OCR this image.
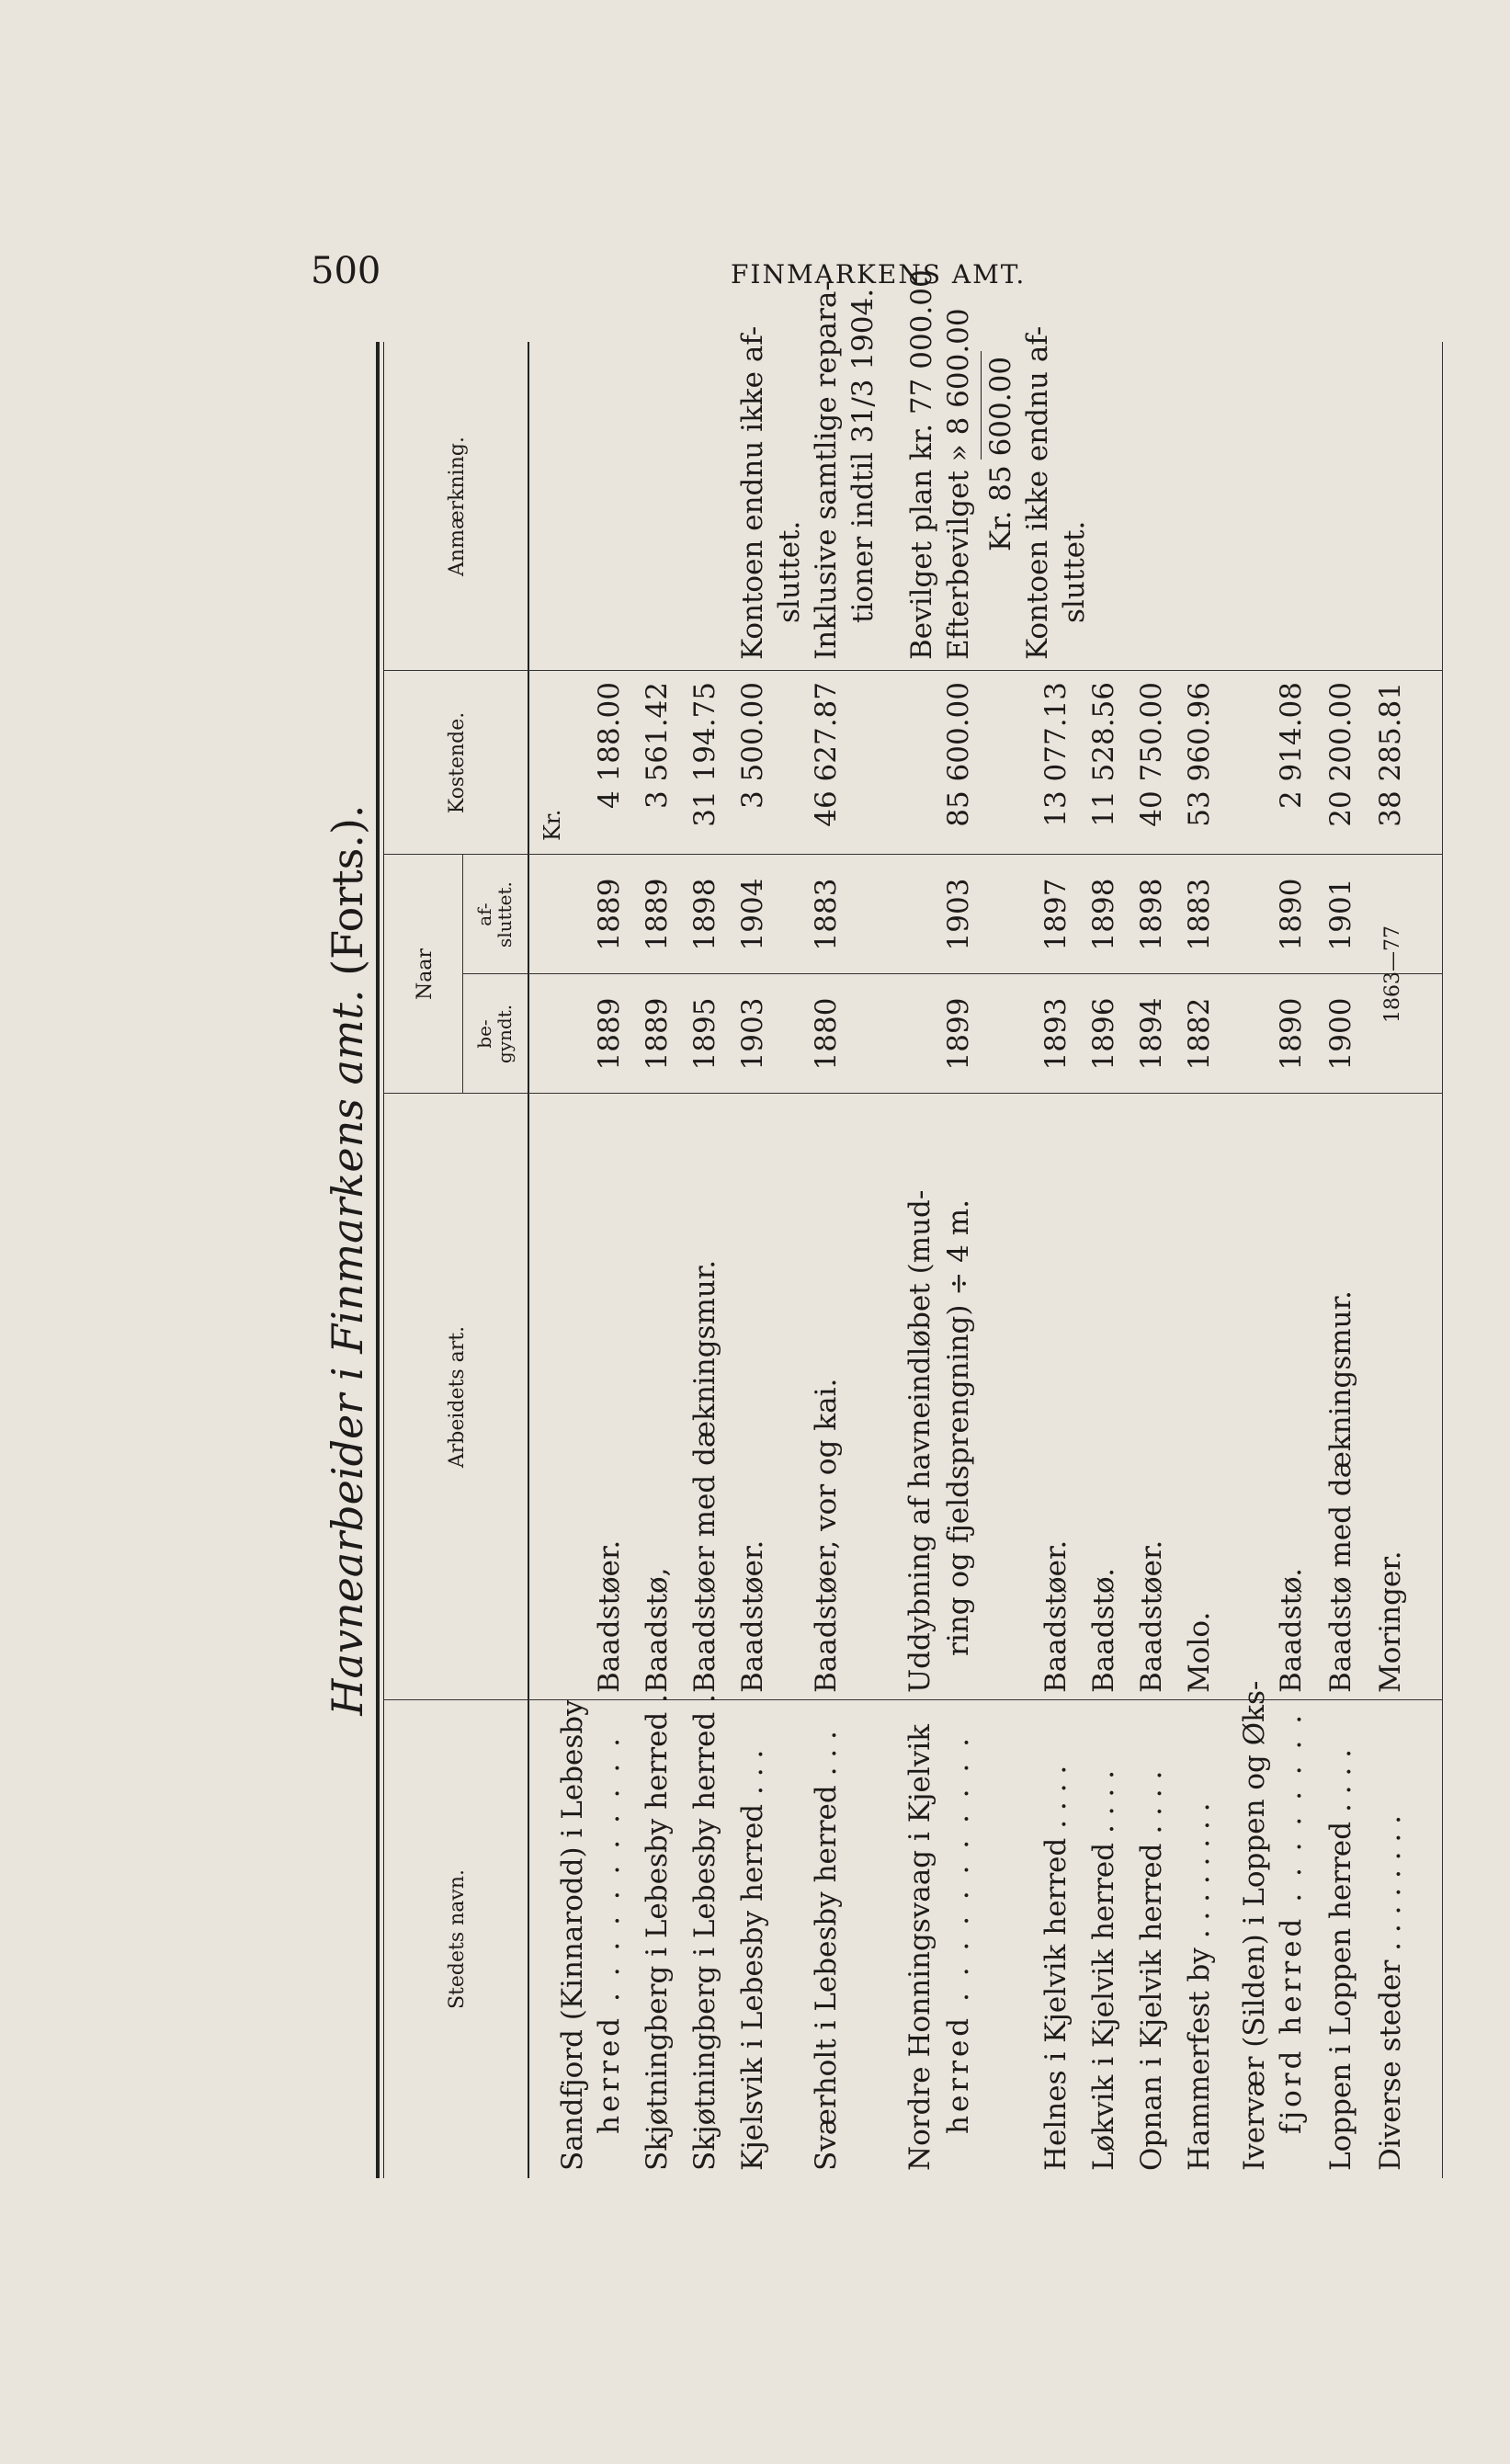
500	FINMARKENS AMT.
Havnearbeider i Finmarkens amt. (Forts.).
Stedets navn.
Arbeidets art.
Naar
be-
gyndt.
af-
sluttet.
Kostende.
Anmærkning.
Kr.
Sandfjord (Kinnarodd) i Lebesby herred . . . . . . . . . . .
Baadstøer.
1889
1889
4 188.00
Skjøtningberg i Lebesby herred .
Baadstø,
1889
1889
3 561.42
Skjøtningberg i Lebesby herred .
Baadstøer med dækningsmur.
1895
1898
31 194.75
Kjelsvik i Lebesby herred . . .
Baadstøer.
1903
1904
3 500.00
Kontoen endnu ikke af- sluttet.
Sværholt i Lebesby herred . . .
Baadstøer, vor og kai.
1880
1883
46 627.87
Inklusive samtlige repara- tioner indtil 31/3 1904.
Nordre Honningsvaag i Kjelvik herred . . . . . . . . . . .
Uddybning af havneindløbet (mud- ring og fjeldsprengning) ÷ 4 m.
1899
1903
85 600.00
Bevilget plan kr. 77 000.00 Efterbevilget » 8 600.00 Kr. 85 600.00
Helnes i Kjelvik herred . . . .
Baadstøer.
1893
1897
13 077.13
Kontoen ikke endnu af- sluttet.
Løkvik i Kjelvik herred . . . .
Baadstø.
1896
1898
11 528.56
Opnan i Kjelvik herred . . . .
Baadstøer.
1894
1898
40 750.00
Hammerfest by . . . . . . . .
Molo.
1882
1883
53 960.96
Ivervær (Silden) i Loppen og Øks- fjord herred . . . . . . . .
Baadstø.
1890
1890
2 914.08
Loppen i Loppen herred . . . .
Baadstø med dækningsmur.
1900
1901
20 200.00
Diverse steder . . . . . . . .
Moringer.
1863—77
38 285.81
